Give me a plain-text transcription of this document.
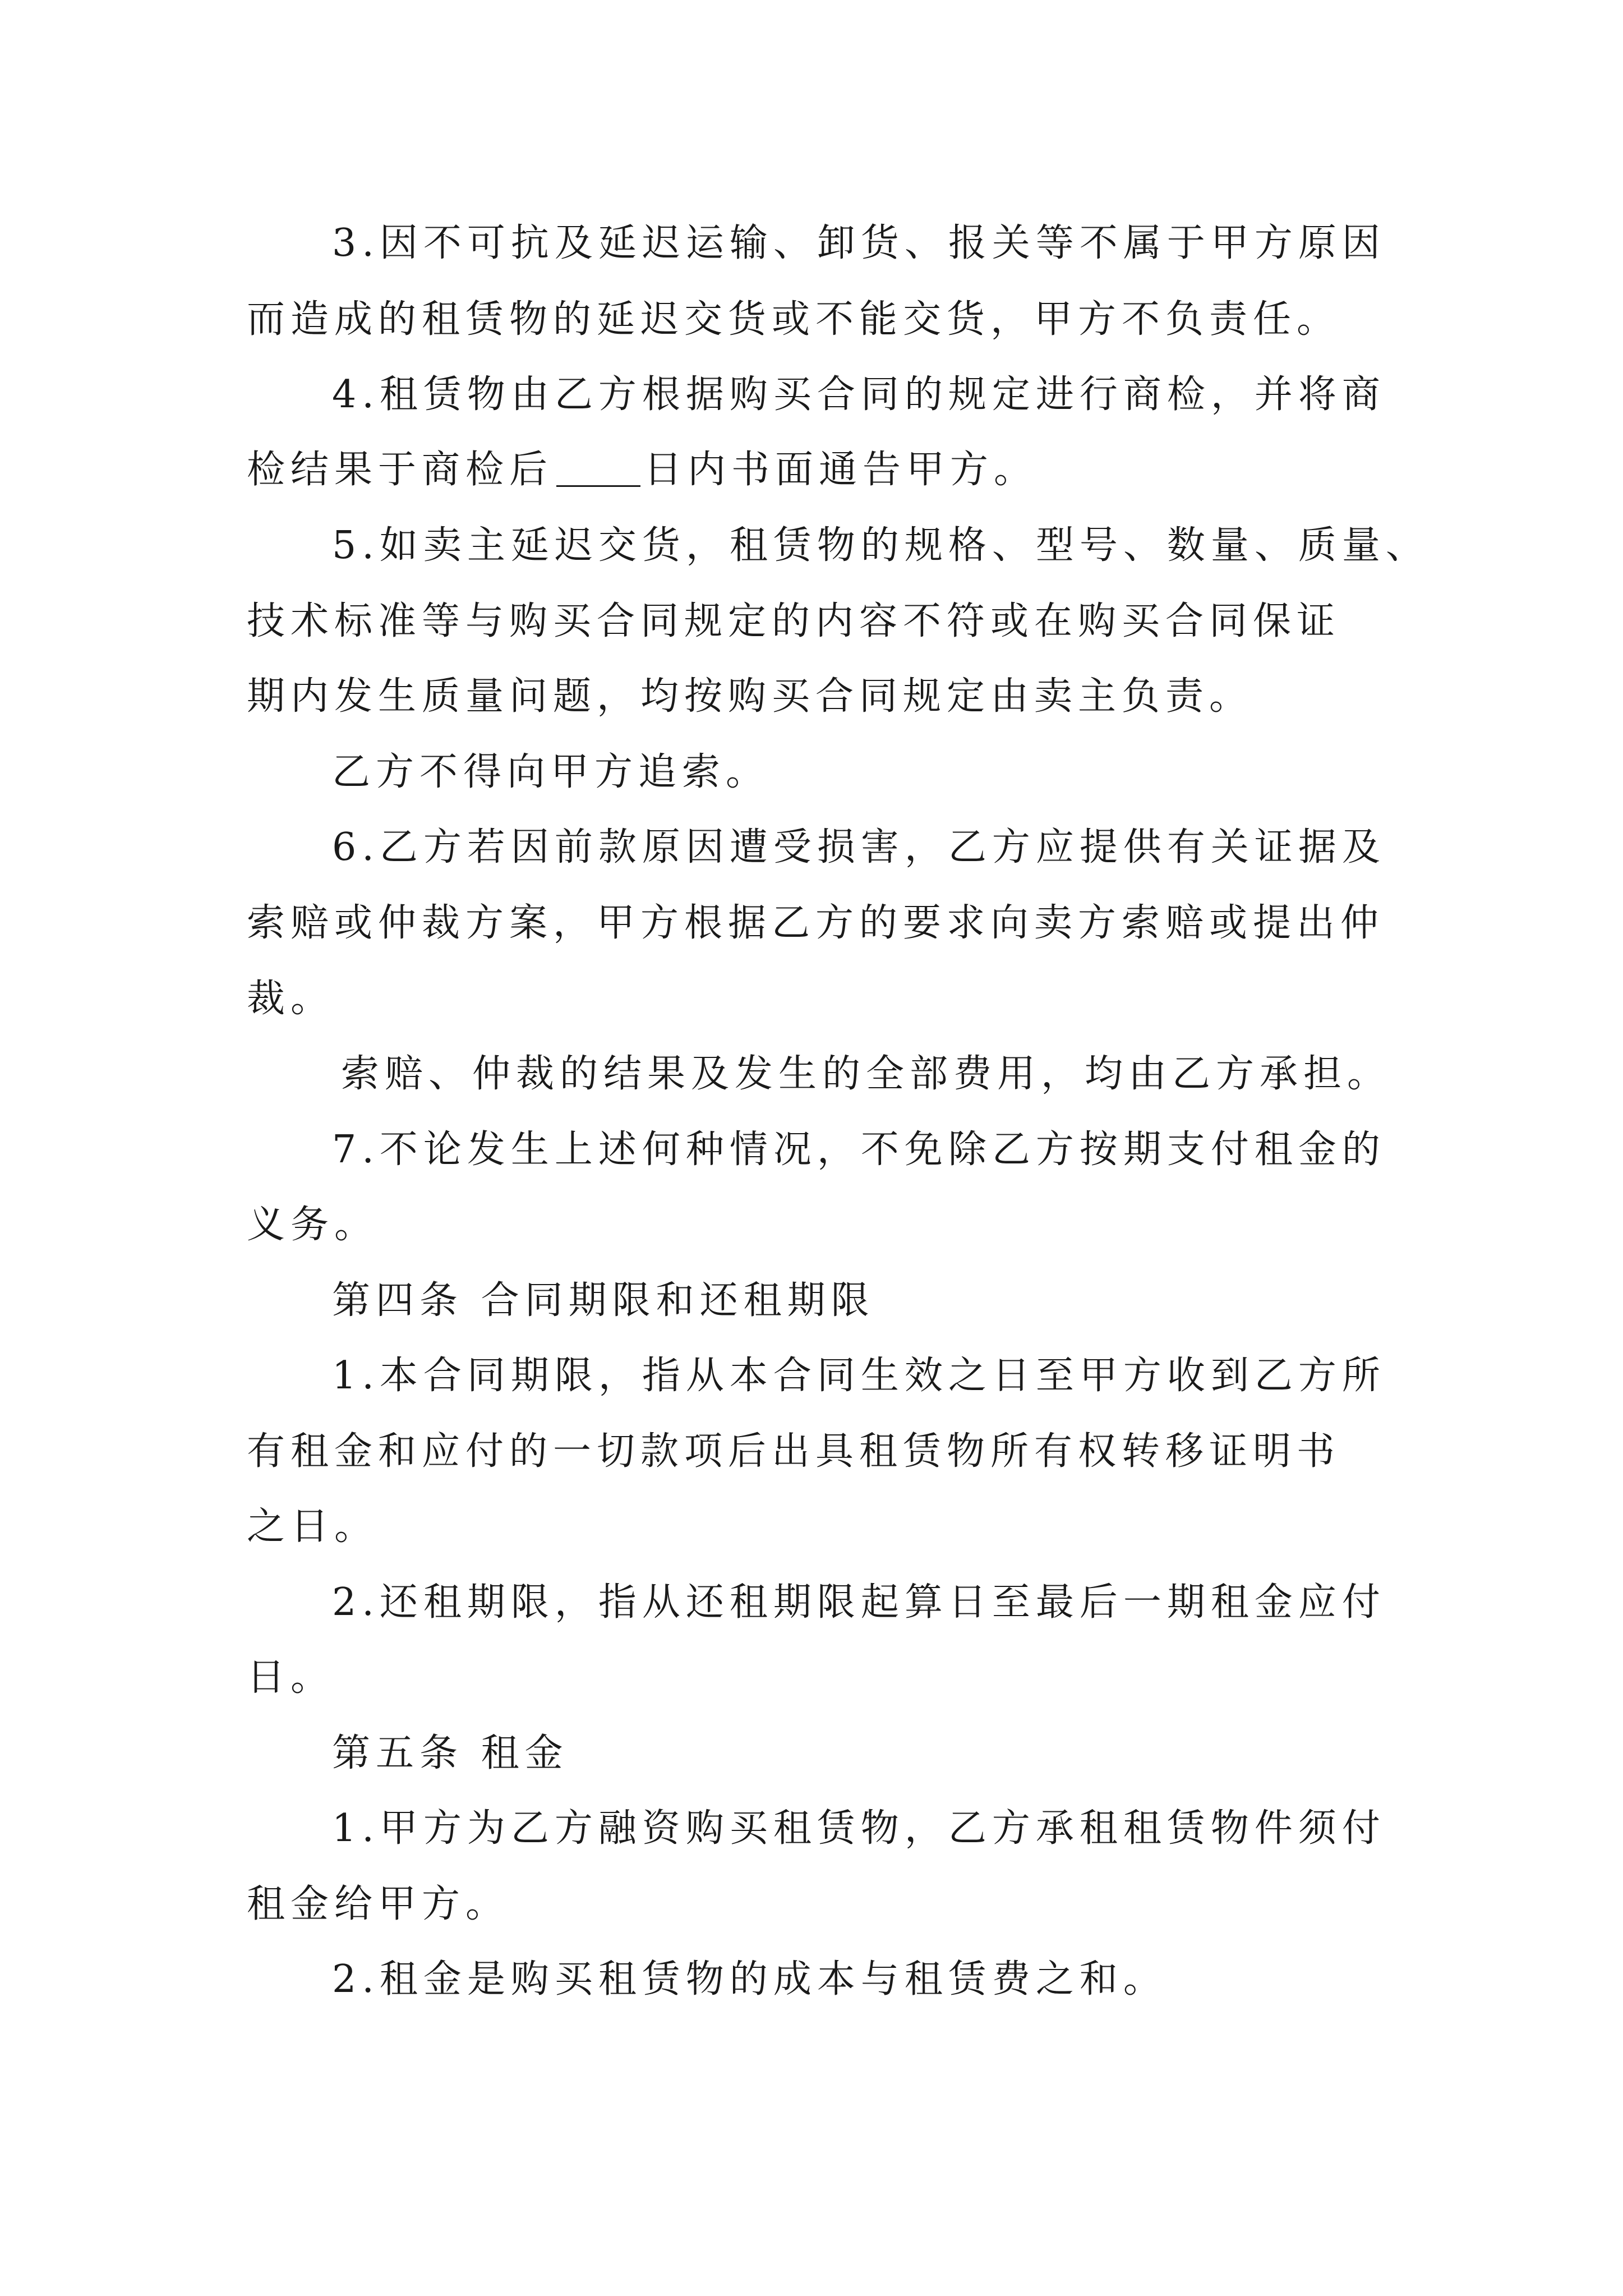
3.因不可抗及延迟运输、卸货、报关等不属于甲方原因
而造成的租赁物的延迟交货或不能交货，甲方不负责任。
4.租赁物由乙方根据购买合同的规定进行商检，并将商
检结果于商检后 日内书面通告甲方。
5.如卖主延迟交货，租赁物的规格、型号、数量、质量、
技术标准等与购买合同规定的内容不符或在购买合同保证
期内发生质量问题，均按购买合同规定由卖主负责。
乙方不得向甲方追索。
6.乙方若因前款原因遭受损害，乙方应提供有关证据及
索赔或仲裁方案，甲方根据乙方的要求向卖方索赔或提出仲
裁。
索赔、仲裁的结果及发生的全部费用，均由乙方承担。
7.不论发生上述何种情况，不免除乙方按期支付租金的
义务。
第四条 合同期限和还租期限
1.本合同期限，指从本合同生效之日至甲方收到乙方所
有租金和应付的一切款项后出具租赁物所有权转移证明书
之日。
2.还租期限，指从还租期限起算日至最后一期租金应付
日。
第五条 租金
1.甲方为乙方融资购买租赁物，乙方承租租赁物件须付
租金给甲方。
2.租金是购买租赁物的成本与租赁费之和。
